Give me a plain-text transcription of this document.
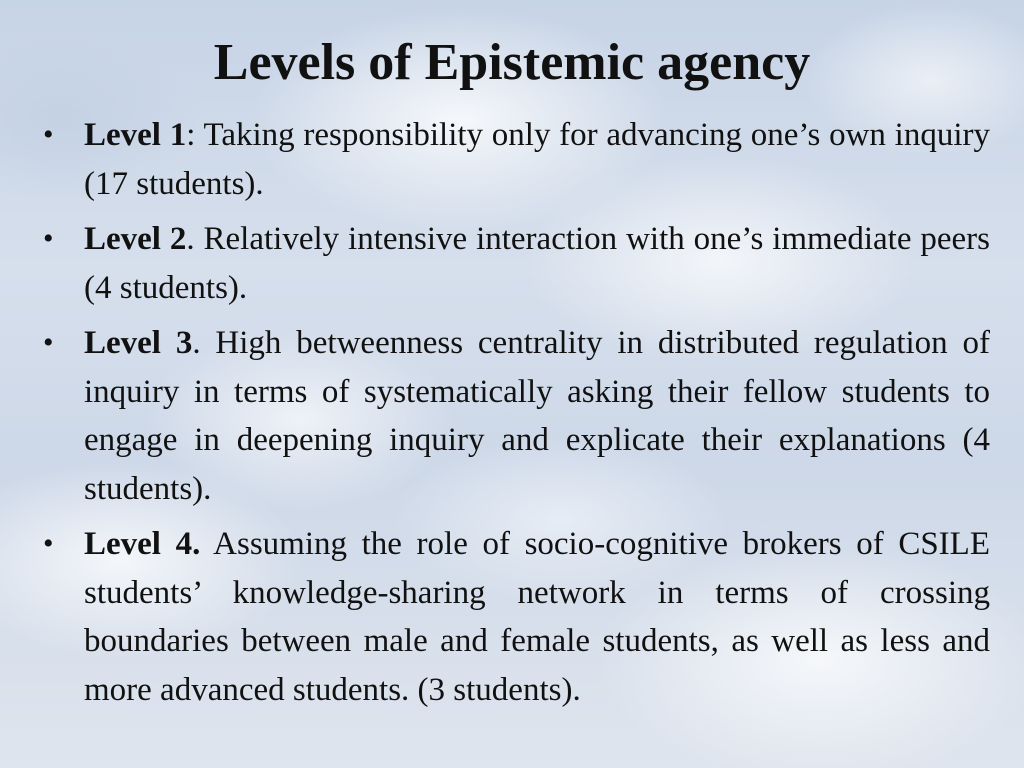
Levels of Epistemic agency
• Level 1: Taking responsibility only for advancing one’s own inquiry (17 students).
• Level 2. Relatively intensive interaction with one’s immediate peers (4 students).
• Level 3. High betweenness centrality in distributed regulation of inquiry in terms of systematically asking their fellow students to engage in deepening inquiry and explicate their explanations (4 students).
• Level 4. Assuming the role of socio-cognitive brokers of CSILE students’ knowledge-sharing network in terms of crossing boundaries between male and female students, as well as less and more advanced students. (3 students).
